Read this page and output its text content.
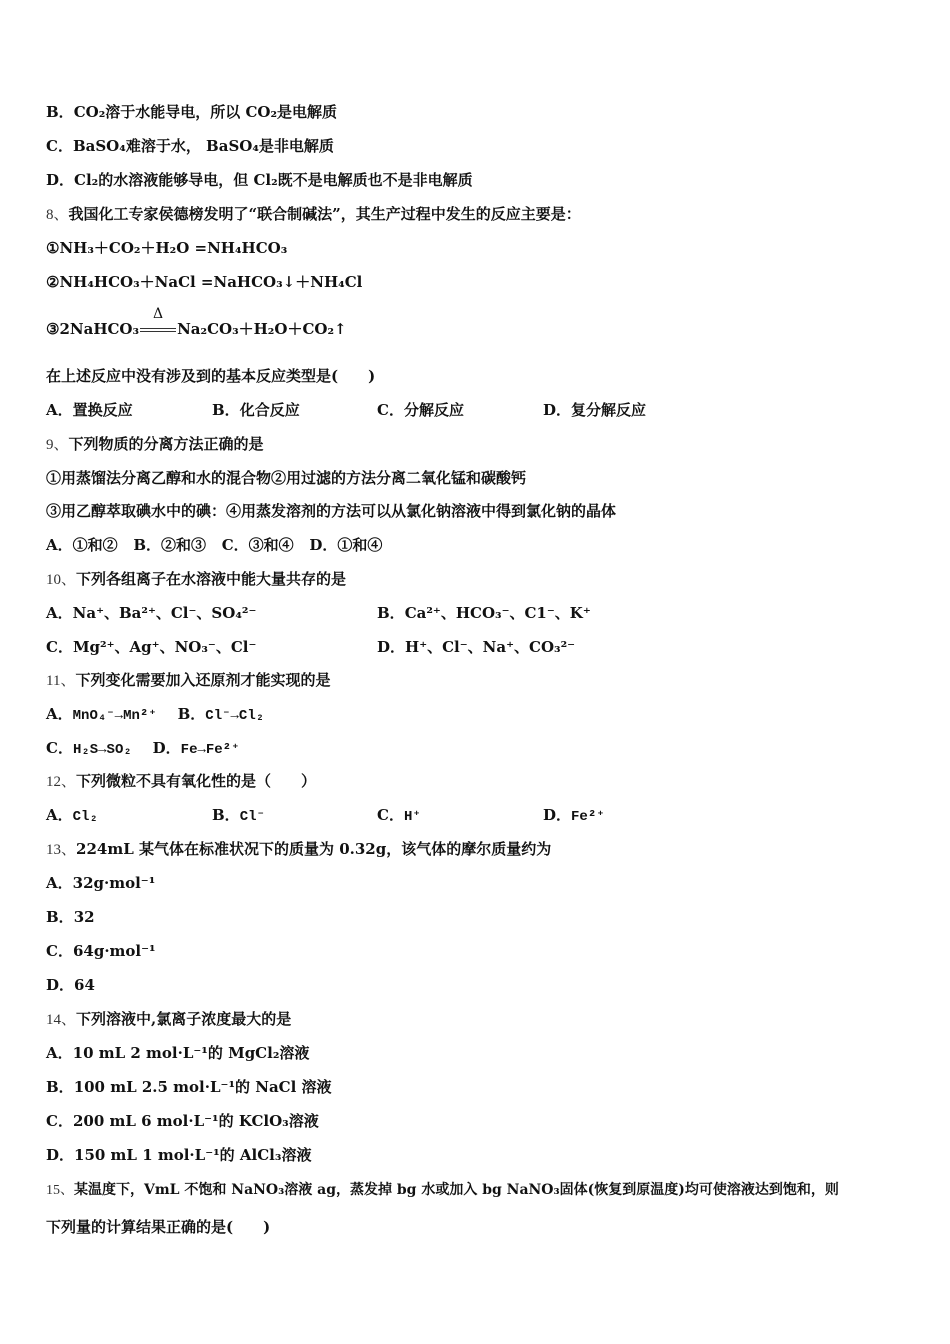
B．CO₂溶于水能导电，所以 CO₂是电解质
C．BaSO₄难溶于水， BaSO₄是非电解质
D．Cl₂的水溶液能够导电，但 Cl₂既不是电解质也不是非电解质
8、我国化工专家侯德榜发明了“联合制碱法”，其生产过程中发生的反应主要是：
①NH₃＋CO₂＋H₂O =NH₄HCO₃
②NH₄HCO₃＋NaCl =NaHCO₃↓＋NH₄Cl
③2NaHCO₃
Δ
Na₂CO₃＋H₂O＋CO₂↑
在上述反应中没有涉及到的基本反应类型是(　　)
A．置换反应	B．化合反应	C．分解反应	D．复分解反应
9、下列物质的分离方法正确的是
①用蒸馏法分离乙醇和水的混合物②用过滤的方法分离二氧化锰和碳酸钙
③用乙醇萃取碘水中的碘：④用蒸发溶剂的方法可以从氯化钠溶液中得到氯化钠的晶体
A．①和② B．②和③ C．③和④ D．①和④
10、下列各组离子在水溶液中能大量共存的是
A．Na⁺、Ba²⁺、Cl⁻、SO₄²⁻	B．Ca²⁺、HCO₃⁻、C1⁻、K⁺
C．Mg²⁺、Ag⁺、NO₃⁻、Cl⁻	D．H⁺、Cl⁻、Na⁺、CO₃²⁻
11、下列变化需要加入还原剂才能实现的是
A．MnO₄⁻→Mn²⁺ B．Cl⁻→Cl₂
C．H₂S→SO₂ D．Fe→Fe²⁺
12、下列微粒不具有氧化性的是（　　）
A．Cl₂	B．Cl⁻	C．H⁺	D．Fe²⁺
13、224mL 某气体在标准状况下的质量为 0.32g，该气体的摩尔质量约为
A．32g·mol⁻¹
B．32
C．64g·mol⁻¹
D．64
14、下列溶液中,氯离子浓度最大的是
A．10 mL 2 mol·L⁻¹的 MgCl₂溶液
B．100 mL 2.5 mol·L⁻¹的 NaCl 溶液
C．200 mL 6 mol·L⁻¹的 KClO₃溶液
D．150 mL 1 mol·L⁻¹的 AlCl₃溶液
15、某温度下，VmL 不饱和 NaNO₃溶液 ag，蒸发掉 bg 水或加入 bg NaNO₃固体(恢复到原温度)均可使溶液达到饱和，则
下列量的计算结果正确的是(　　)
